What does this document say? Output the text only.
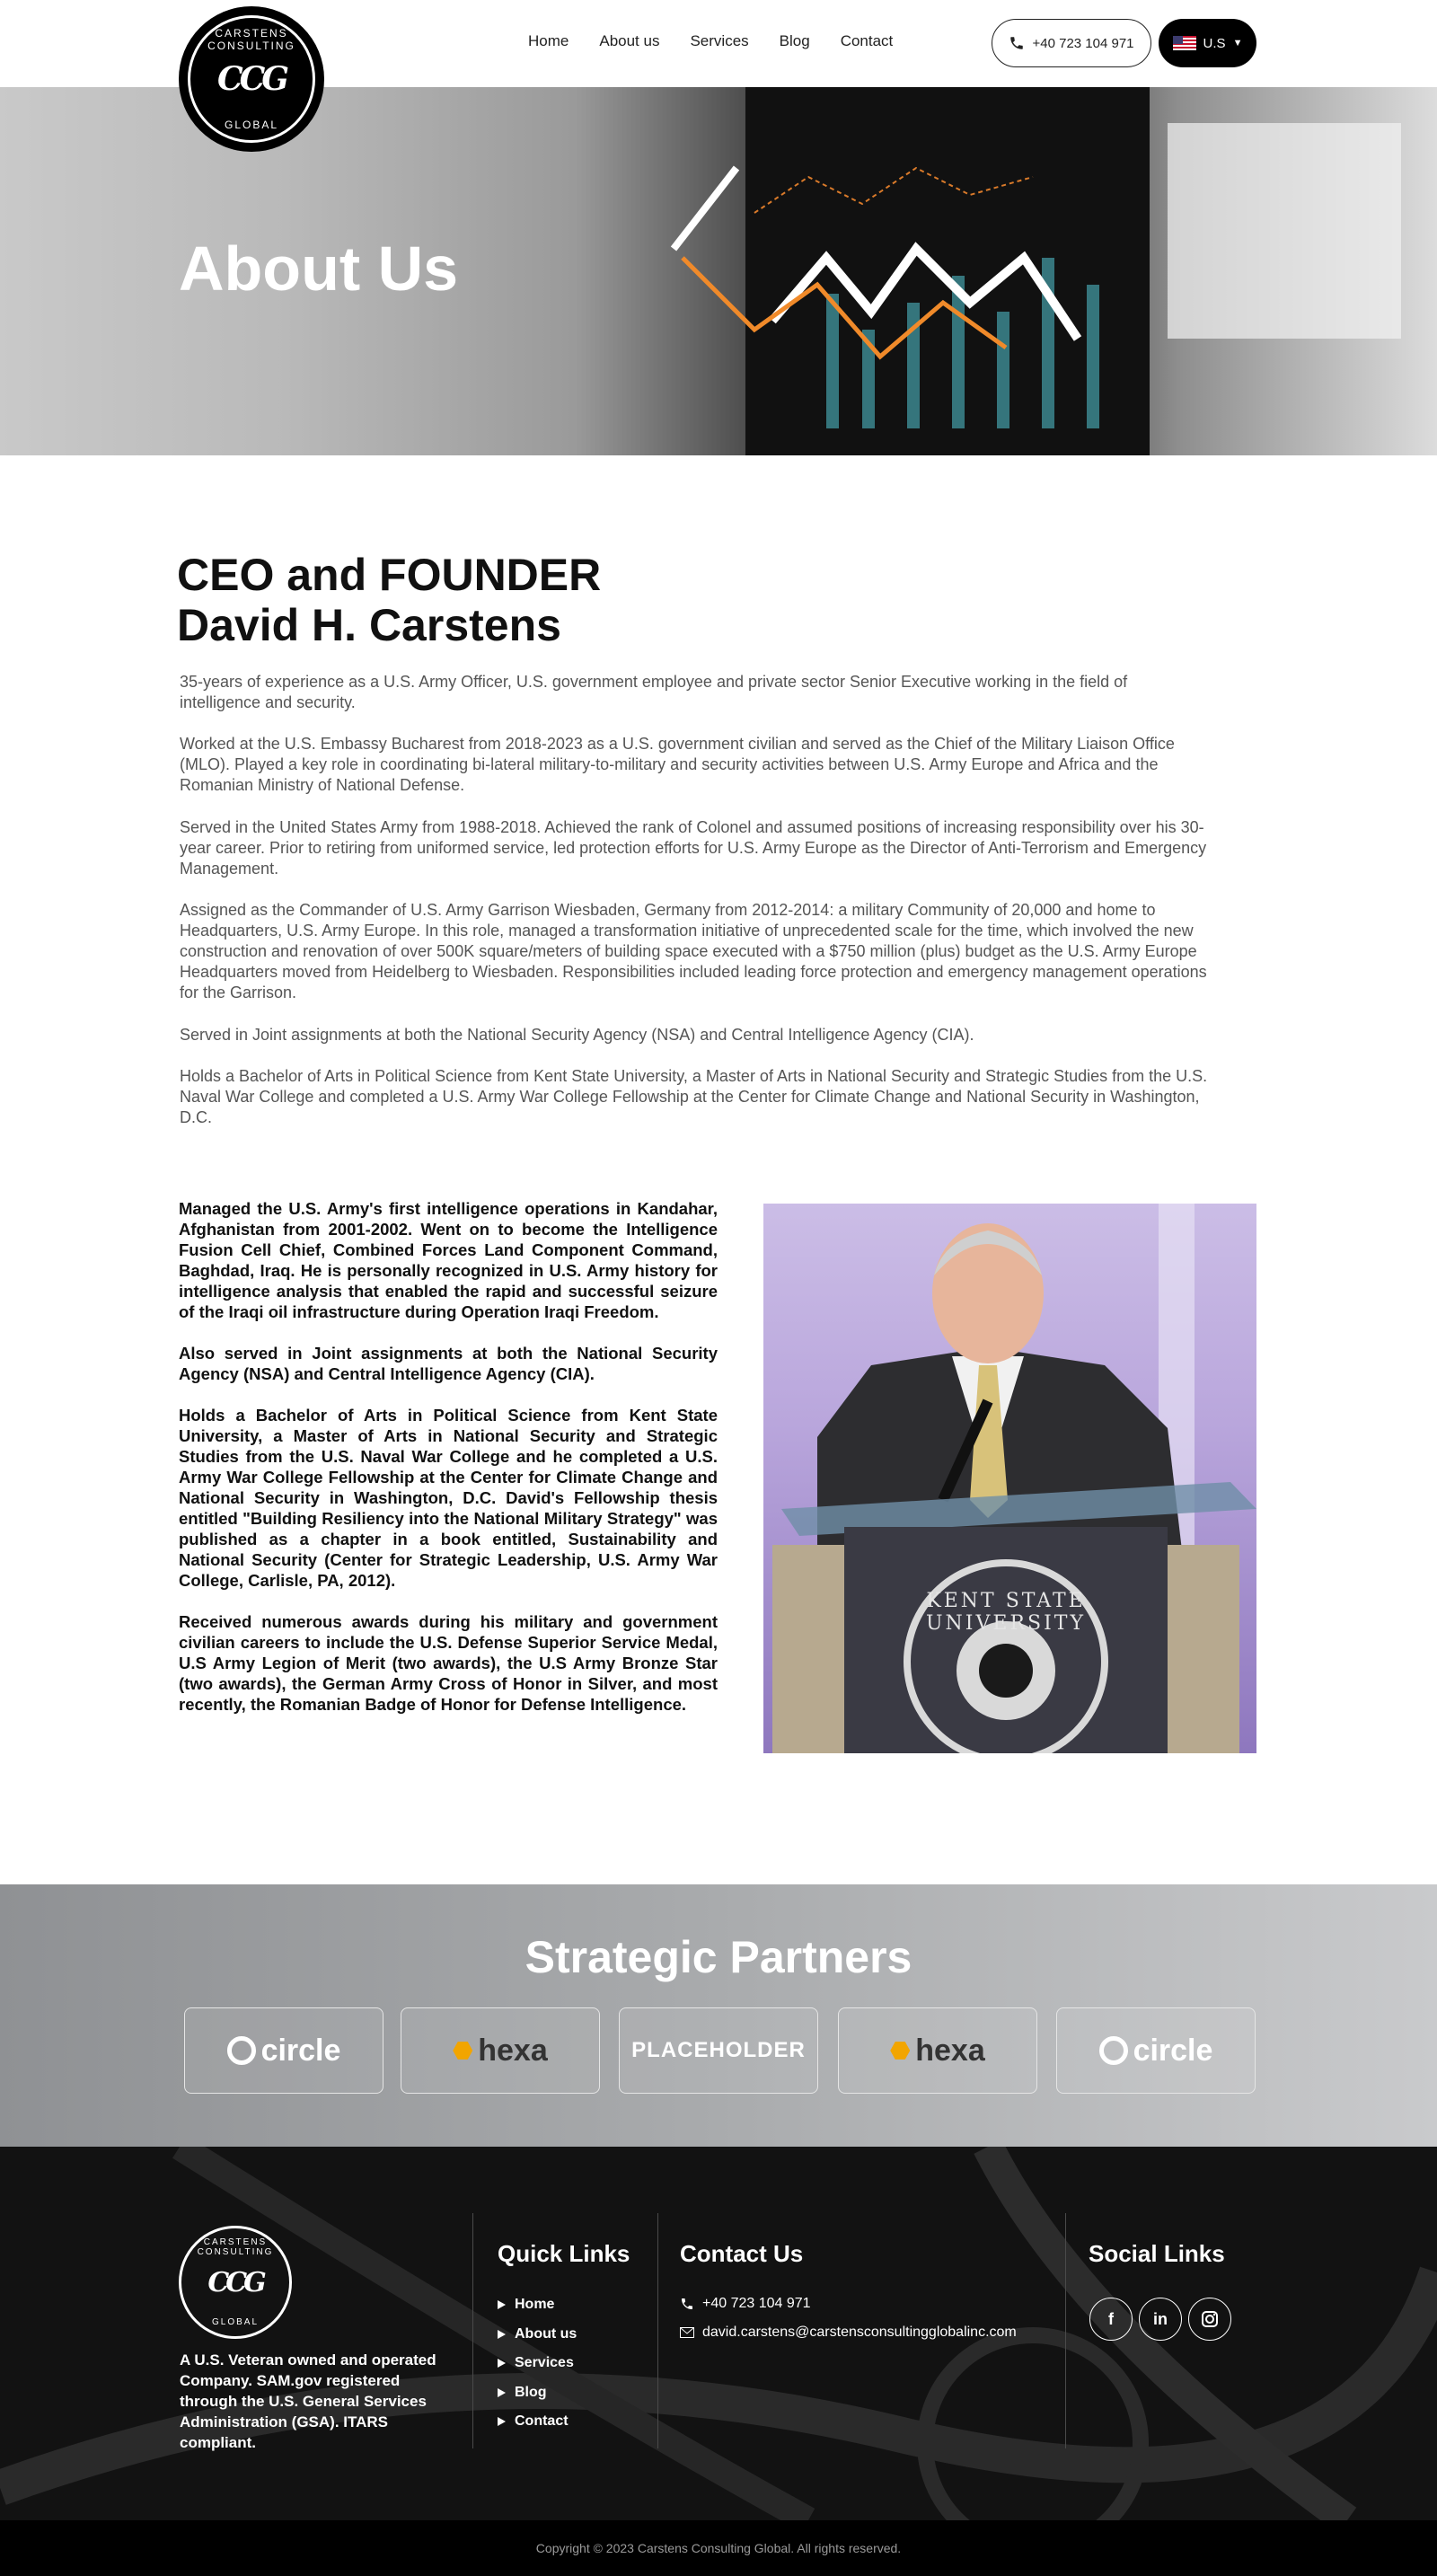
Home About us Services Blog Contact	+40 723 104 971	U.S ▼
CARSTENS CONSULTING
CCG
GLOBAL
About Us
CEO and FOUNDER
David H. Carstens

35-years of experience as a U.S. Army Officer, U.S. government employee and private sector Senior Executive working in the field of intelligence and security.

Worked at the U.S. Embassy Bucharest from 2018-2023 as a U.S. government civilian and served as the Chief of the Military Liaison Office (MLO). Played a key role in coordinating bi-lateral military-to-military and security activities between U.S. Army Europe and Africa and the Romanian Ministry of National Defense.

Served in the United States Army from 1988-2018. Achieved the rank of Colonel and assumed positions of increasing responsibility over his 30-year career. Prior to retiring from uniformed service, led protection efforts for U.S. Army Europe as the Director of Anti-Terrorism and Emergency Management.

Assigned as the Commander of U.S. Army Garrison Wiesbaden, Germany from 2012-2014: a military Community of 20,000 and home to Headquarters, U.S. Army Europe. In this role, managed a transformation initiative of unprecedented scale for the time, which involved the new construction and renovation of over 500K square/meters of building space executed with a $750 million (plus) budget as the U.S. Army Europe Headquarters moved from Heidelberg to Wiesbaden. Responsibilities included leading force protection and emergency management operations for the Garrison.

Served in Joint assignments at both the National Security Agency (NSA) and Central Intelligence Agency (CIA).

Holds a Bachelor of Arts in Political Science from Kent State University, a Master of Arts in National Security and Strategic Studies from the U.S. Naval War College and completed a U.S. Army War College Fellowship at the Center for Climate Change and National Security in Washington, D.C.

Managed the U.S. Army's first intelligence operations in Kandahar, Afghanistan from 2001-2002. Went on to become the Intelligence Fusion Cell Chief, Combined Forces Land Component Command, Baghdad, Iraq. He is personally recognized in U.S. Army history for intelligence analysis that enabled the rapid and successful seizure of the Iraqi oil infrastructure during Operation Iraqi Freedom.

Also served in Joint assignments at both the National Security Agency (NSA) and Central Intelligence Agency (CIA).

Holds a Bachelor of Arts in Political Science from Kent State University, a Master of Arts in National Security and Strategic Studies from the U.S. Naval War College and he completed a U.S. Army War College Fellowship at the Center for Climate Change and National Security in Washington, D.C. David's Fellowship thesis entitled "Building Resiliency into the National Military Strategy" was published as a chapter in a book entitled, Sustainability and National Security (Center for Strategic Leadership, U.S. Army War College, Carlisle, PA, 2012).

Received numerous awards during his military and government civilian careers to include the U.S. Defense Superior Service Medal, U.S Army Legion of Merit (two awards), the U.S Army Bronze Star (two awards), the German Army Cross of Honor in Silver, and most recently, the Romanian Badge of Honor for Defense Intelligence.

KENT STATE UNIVERSITY
Strategic Partners
circle	hexa	PLACEHOLDER	hexa	circle
CARSTENS CONSULTING
CCG
GLOBAL

A U.S. Veteran owned and operated Company. SAM.gov registered through the U.S. General Services Administration (GSA). ITARS compliant.

Quick Links
Home
About us
Services
Blog
Contact
Contact Us
+40 723 104 971
david.carstens@carstensconsultingglobalinc.com
Social Links
f	in
Copyright © 2023 Carstens Consulting Global. All rights reserved.
